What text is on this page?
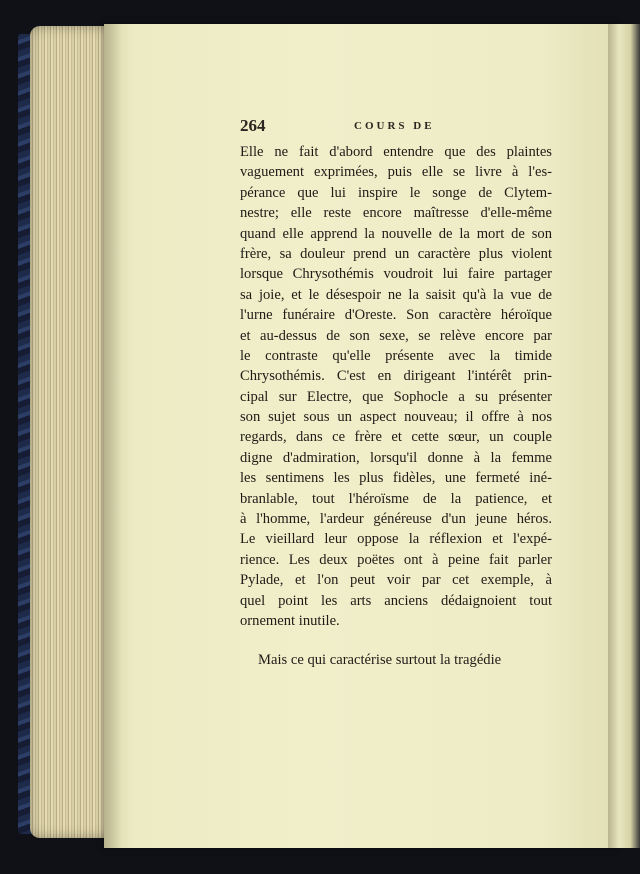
264	COURS DE
Elle ne fait d'abord entendre que des plaintes
vaguement exprimées, puis elle se livre à l'es-
pérance que lui inspire le songe de Clytem-
nestre; elle reste encore maîtresse d'elle-même
quand elle apprend la nouvelle de la mort de son
frère, sa douleur prend un caractère plus violent
lorsque Chrysothémis voudroit lui faire partager
sa joie, et le désespoir ne la saisit qu'à la vue de
l'urne funéraire d'Oreste. Son caractère héroïque
et au-dessus de son sexe, se relève encore par
le contraste qu'elle présente avec la timide
Chrysothémis. C'est en dirigeant l'intérêt prin-
cipal sur Electre, que Sophocle a su présenter
son sujet sous un aspect nouveau; il offre à nos
regards, dans ce frère et cette sœur, un couple
digne d'admiration, lorsqu'il donne à la femme
les sentimens les plus fidèles, une fermeté iné-
branlable, tout l'héroïsme de la patience, et
à l'homme, l'ardeur généreuse d'un jeune héros.
Le vieillard leur oppose la réflexion et l'expé-
rience. Les deux poëtes ont à peine fait parler
Pylade, et l'on peut voir par cet exemple, à
quel point les arts anciens dédaignoient tout
ornement inutile.
Mais ce qui caractérise surtout la tragédie
